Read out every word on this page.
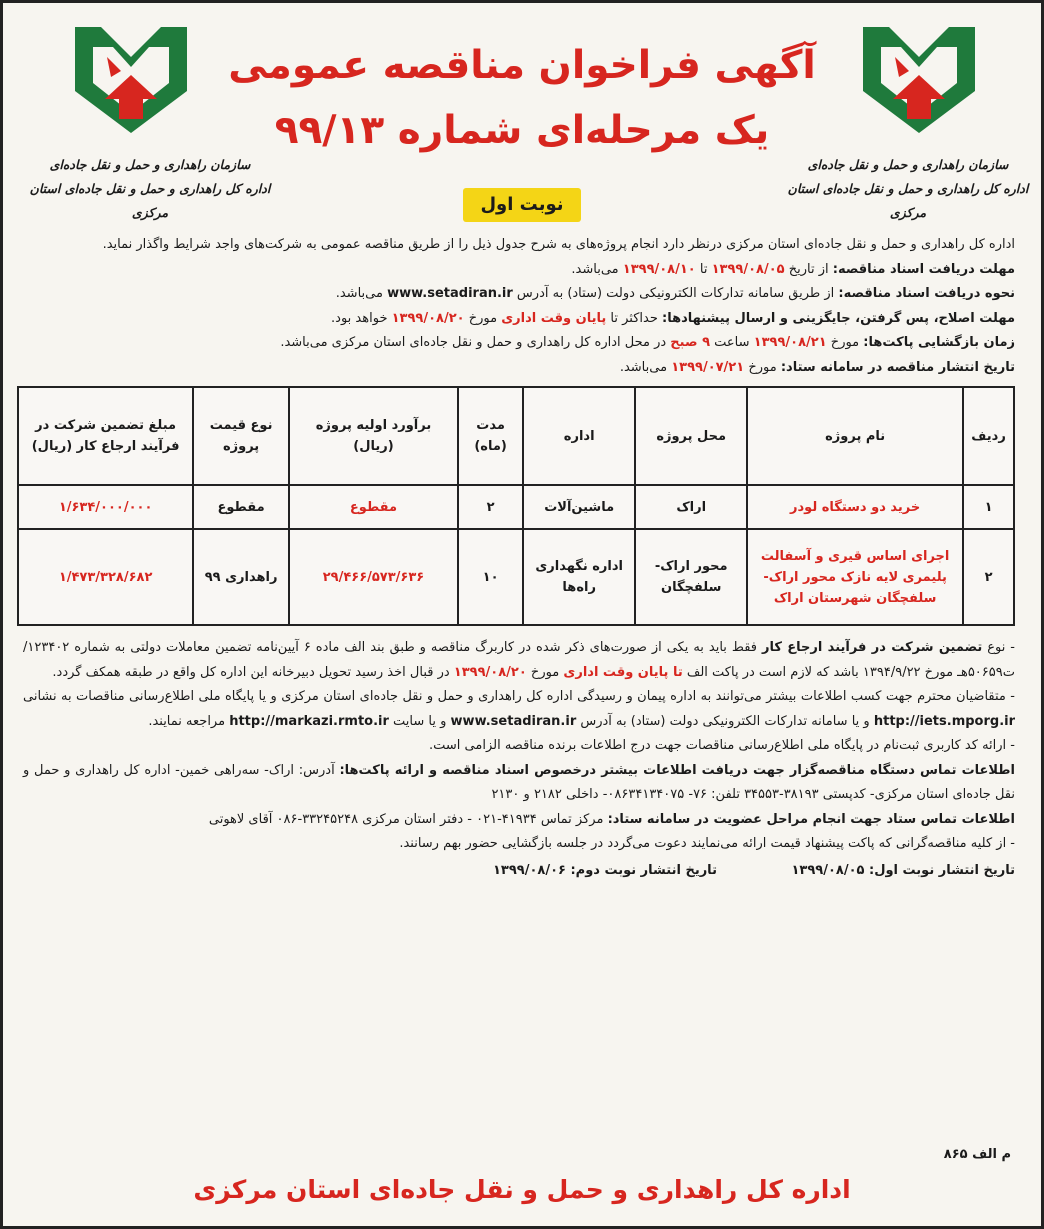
سازمان راهداری و حمل و نقل جاده‌ای
اداره کل راهداری و حمل و نقل جاده‌ای استان مرکزی
سازمان راهداری و حمل و نقل جاده‌ای
اداره کل راهداری و حمل و نقل جاده‌ای استان مرکزی
آگهی فراخوان مناقصه عمومی
یک مرحله‌ای شماره ۹۹/۱۳
نوبت اول

اداره کل راهداری و حمل و نقل جاده‌ای استان مرکزی درنظر دارد انجام پروژه‌های به شرح جدول ذیل را از طریق مناقصه عمومی به شرکت‌های واجد شرایط واگذار نماید.

مهلت دریافت اسناد مناقصه: از تاریخ ۱۳۹۹/۰۸/۰۵ تا ۱۳۹۹/۰۸/۱۰ می‌باشد.

نحوه دریافت اسناد مناقصه: از طریق سامانه تدارکات الکترونیکی دولت (ستاد) به آدرس www.setadiran.ir می‌باشد.

مهلت اصلاح، پس گرفتن، جایگزینی و ارسال پیشنهادها: حداکثر تا پایان وقت اداری مورخ ۱۳۹۹/۰۸/۲۰ خواهد بود.

زمان بازگشایی پاکت‌ها: مورخ ۱۳۹۹/۰۸/۲۱ ساعت ۹ صبح در محل اداره کل راهداری و حمل و نقل جاده‌ای استان مرکزی می‌باشد.

تاریخ انتشار مناقصه در سامانه ستاد: مورخ ۱۳۹۹/۰۷/۲۱ می‌باشد.

ردیف	نام پروژه	محل پروژه	اداره	مدت (ماه)	برآورد اولیه پروژه (ریال)	نوع قیمت پروژه	مبلغ تضمین شرکت در فرآیند ارجاع کار (ریال)
۱	خرید دو دستگاه لودر	اراک	ماشین‌آلات	۲	مقطوع	مقطوع	۱/۶۳۴/۰۰۰/۰۰۰
۲	اجرای اساس قیری و آسفالت پلیمری لایه نازک محور اراک- سلفچگان شهرستان اراک	محور اراک- سلفچگان	اداره نگهداری راه‌ها	۱۰	۲۹/۴۶۶/۵۷۳/۶۳۶	راهداری ۹۹	۱/۴۷۳/۳۲۸/۶۸۲

- نوع تضمین شرکت در فرآیند ارجاع کار فقط باید به یکی از صورت‌های ذکر شده در کاربرگ مناقصه و طبق بند الف ماده ۶ آیین‌نامه تضمین معاملات دولتی به شماره ۱۲۳۴۰۲/ت۵۰۶۵۹هـ مورخ ۱۳۹۴/۹/۲۲ باشد که لازم است در پاکت الف تا پایان وقت اداری مورخ ۱۳۹۹/۰۸/۲۰ در قبال اخذ رسید تحویل دبیرخانه این اداره کل واقع در طبقه همکف گردد.

- متقاضیان محترم جهت کسب اطلاعات بیشتر می‌توانند به اداره پیمان و رسیدگی اداره کل راهداری و حمل و نقل جاده‌ای استان مرکزی و یا پایگاه ملی اطلاع‌رسانی مناقصات به نشانی http://iets.mporg.ir و یا سامانه تدارکات الکترونیکی دولت (ستاد) به آدرس www.setadiran.ir و یا سایت http://markazi.rmto.ir مراجعه نمایند.

- ارائه کد کاربری ثبت‌نام در پایگاه ملی اطلاع‌رسانی مناقصات جهت درج اطلاعات برنده مناقصه الزامی است.

اطلاعات تماس دستگاه مناقصه‌گزار جهت دریافت اطلاعات بیشتر درخصوص اسناد مناقصه و ارائه پاکت‌ها: آدرس: اراک- سه‌راهی خمین- اداره کل راهداری و حمل و نقل جاده‌ای استان مرکزی- کدپستی ۳۸۱۹۳-۳۴۵۵۳ تلفن: ۷۶- ۰۸۶۳۴۱۳۴۰۷۵- داخلی ۲۱۸۲ و ۲۱۳۰

اطلاعات تماس ستاد جهت انجام مراحل عضویت در سامانه ستاد: مرکز تماس ۴۱۹۳۴-۰۲۱ - دفتر استان مرکزی ۳۳۲۴۵۲۴۸-۰۸۶ آقای لاهوتی

- از کلیه مناقصه‌گرانی که پاکت پیشنهاد قیمت ارائه می‌نمایند دعوت می‌گردد در جلسه بازگشایی حضور بهم رسانند.

تاریخ انتشار نوبت اول: ۱۳۹۹/۰۸/۰۵ تاریخ انتشار نوبت دوم: ۱۳۹۹/۰۸/۰۶
م الف ۸۶۵
اداره کل راهداری و حمل و نقل جاده‌ای استان مرکزی
